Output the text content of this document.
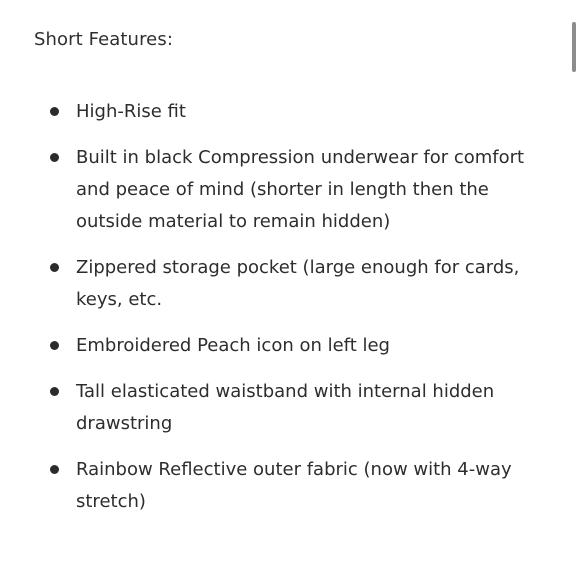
Short Features:
High-Rise fit
Built in black Compression underwear for comfort and peace of mind (shorter in length then the outside material to remain hidden)
Zippered storage pocket (large enough for cards, keys, etc.
Embroidered Peach icon on left leg
Tall elasticated waistband with internal hidden drawstring
Rainbow Reflective outer fabric (now with 4-way stretch)
